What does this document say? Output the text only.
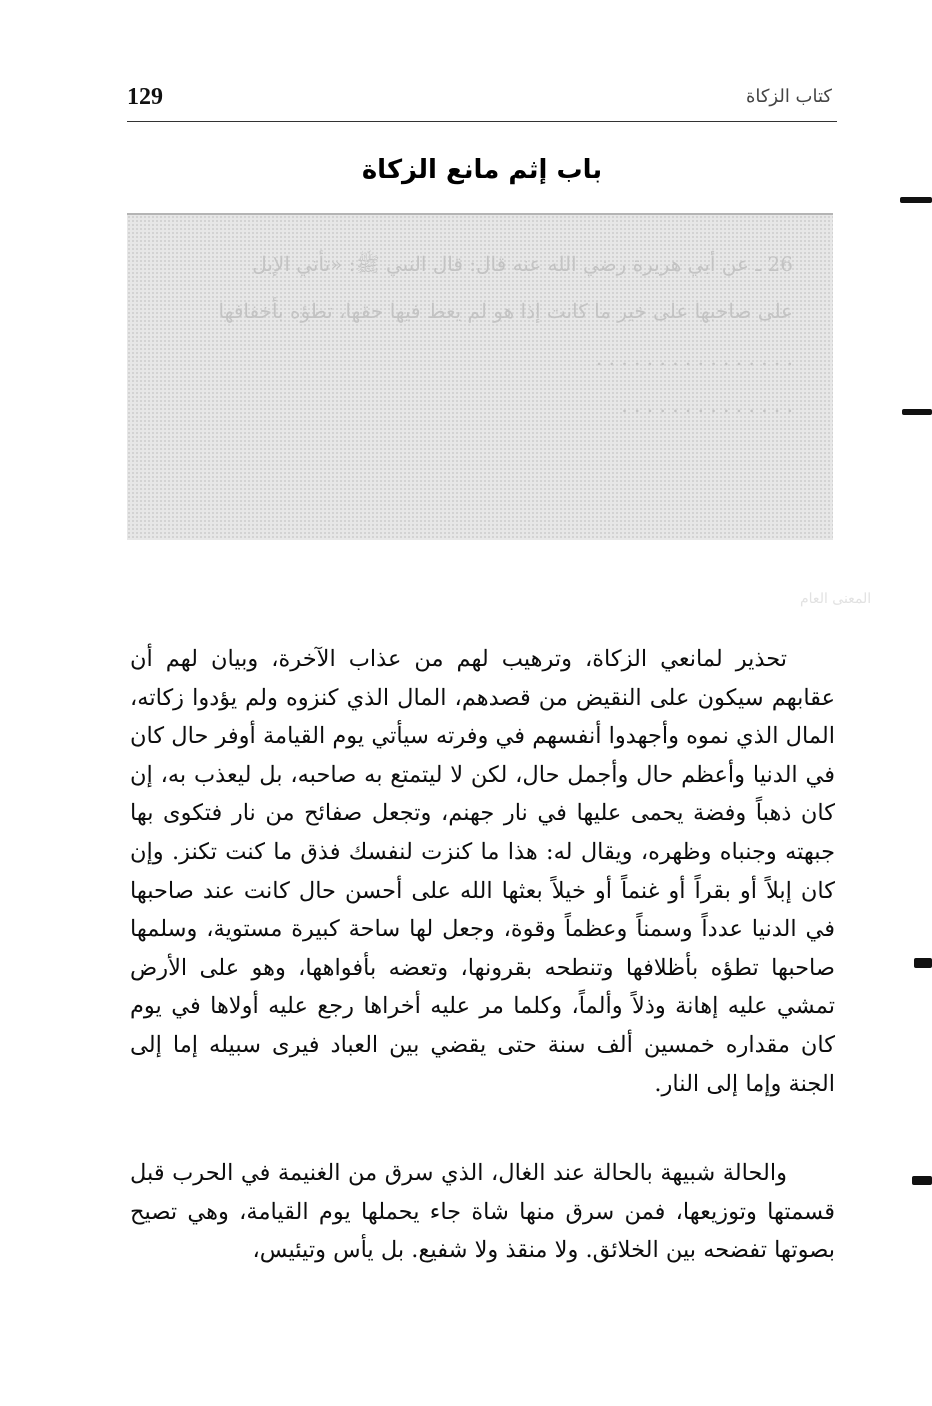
129	كتاب الزكاة
باب إثم مانع الزكاة
26 ـ عن أبي هريرة رضي الله عنه قال: قال النبي ﷺ: «تأتي الإبل
على صاحبها على خير ما كانت إذا هو لم يعط فيها حقها، تطؤه بأخفافها
. . . . . . . . . . . . . . . .
. . . . . . . . . . . . . .
المعنى العام
تحذير لمانعي الزكاة، وترهيب لهم من عذاب الآخرة، وبيان لهم أن عقابهم سيكون على النقيض من قصدهم، المال الذي كنزوه ولم يؤدوا زكاته، المال الذي نموه وأجهدوا أنفسهم في وفرته سيأتي يوم القيامة أوفر حال كان في الدنيا وأعظم حال وأجمل حال، لكن لا ليتمتع به صاحبه، بل ليعذب به، إن كان ذهباً وفضة يحمى عليها في نار جهنم، وتجعل صفائح من نار فتكوى بها جبهته وجنباه وظهره، ويقال له: هذا ما كنزت لنفسك فذق ما كنت تكنز. وإن كان إبلاً أو بقراً أو غنماً أو خيلاً بعثها الله على أحسن حال كانت عند صاحبها في الدنيا عدداً وسمناً وعظماً وقوة، وجعل لها ساحة كبيرة مستوية، وسلمها صاحبها تطؤه بأظلافها وتنطحه بقرونها، وتعضه بأفواهها، وهو على الأرض تمشي عليه إهانة وذلاً وألماً، وكلما مر عليه أخراها رجع عليه أولاها في يوم كان مقداره خمسين ألف سنة حتى يقضي بين العباد فيرى سبيله إما إلى الجنة وإما إلى النار.
والحالة شبيهة بالحالة عند الغال، الذي سرق من الغنيمة في الحرب قبل قسمتها وتوزيعها، فمن سرق منها شاة جاء يحملها يوم القيامة، وهي تصيح بصوتها تفضحه بين الخلائق. ولا منقذ ولا شفيع. بل يأس وتيئيس،
